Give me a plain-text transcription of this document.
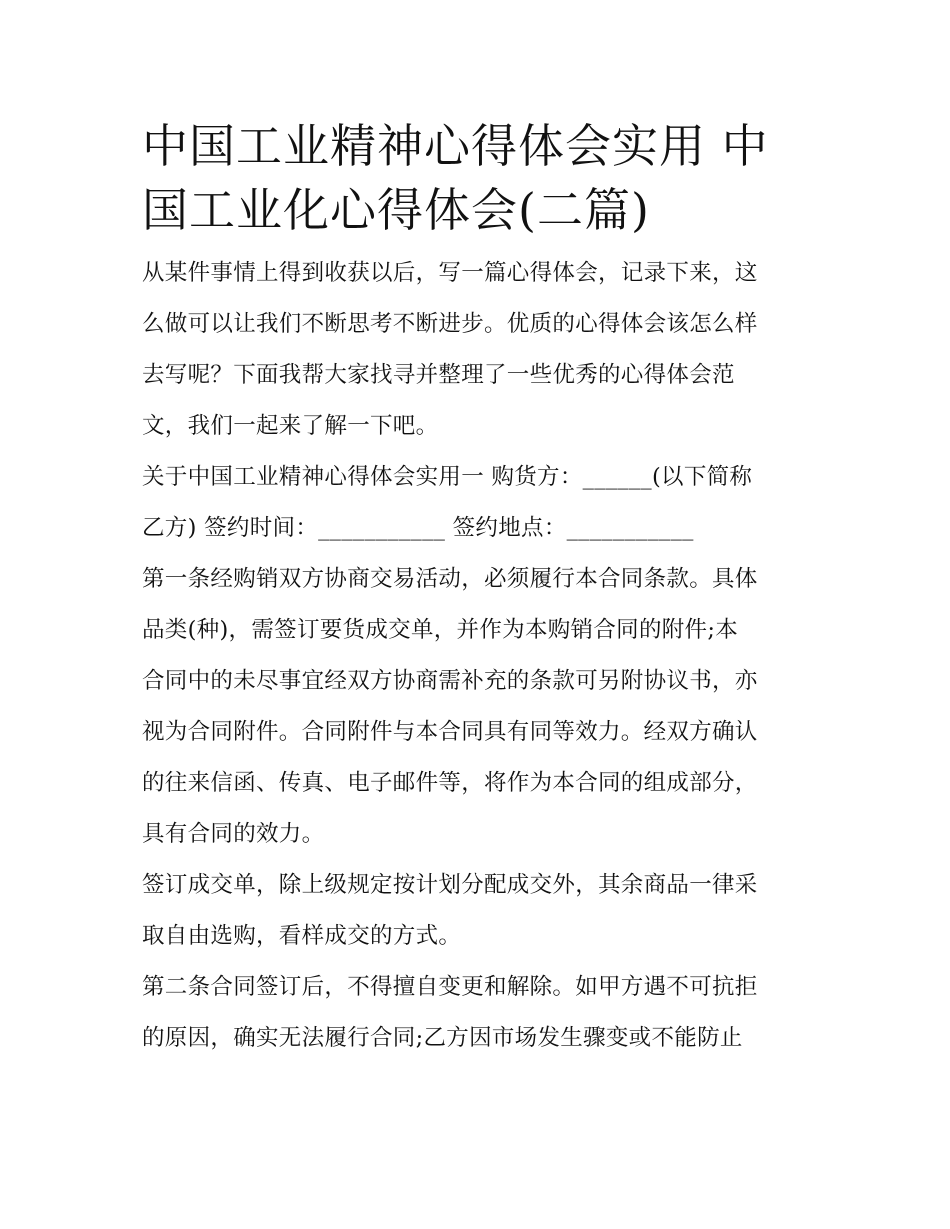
中国工业精神心得体会实用 中
国工业化心得体会(二篇)

从某件事情上得到收获以后，写一篇心得体会，记录下来，这
么做可以让我们不断思考不断进步。优质的心得体会该怎么样
去写呢？下面我帮大家找寻并整理了一些优秀的心得体会范
文，我们一起来了解一下吧。

关于中国工业精神心得体会实用一 购货方：______(以下简称
乙方) 签约时间：___________ 签约地点：___________

第一条经购销双方协商交易活动，必须履行本合同条款。具体
品类(种)，需签订要货成交单，并作为本购销合同的附件;本
合同中的未尽事宜经双方协商需补充的条款可另附协议书，亦
视为合同附件。合同附件与本合同具有同等效力。经双方确认
的往来信函、传真、电子邮件等，将作为本合同的组成部分，
具有合同的效力。

签订成交单，除上级规定按计划分配成交外，其余商品一律采
取自由选购，看样成交的方式。

第二条合同签订后，不得擅自变更和解除。如甲方遇不可抗拒
的原因，确实无法履行合同;乙方因市场发生骤变或不能防止
